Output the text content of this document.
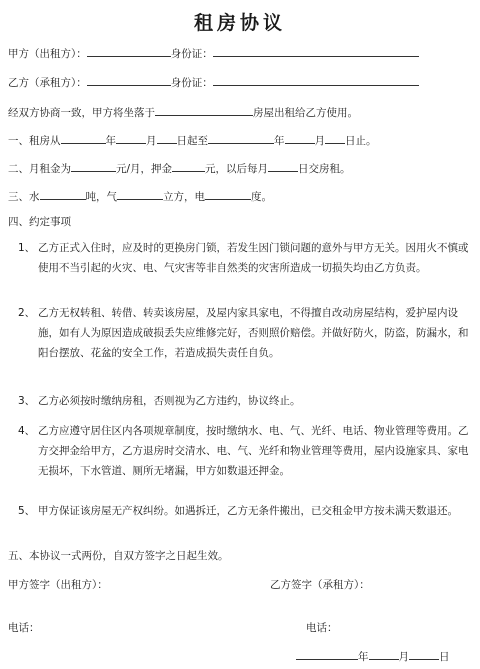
租房协议
甲方（出租方）：	身份证：
乙方（承租方）：	身份证：
经双方协商一致，甲方将坐落于	房屋出租给乙方使用。
一、租房从	年	月 日起至	年	月 日止。
二、月租金为	元/月，押金	元，以后每月	日交房租。
三、水	吨，气	立方，电	度。
四、约定事项
1、 乙方正式入住时，应及时的更换房门锁，若发生因门锁问题的意外与甲方无关。因用火不慎或使用不当引起的火灾、电、气灾害等非自然类的灾害所造成一切损失均由乙方负责。
2、 乙方无权转租、转借、转卖该房屋，及屋内家具家电，不得擅自改动房屋结构，爱护屋内设施，如有人为原因造成破损丢失应维修完好，否则照价赔偿。并做好防火，防盗，防漏水，和阳台摆放、花盆的安全工作，若造成损失责任自负。
3、 乙方必须按时缴纳房租，否则视为乙方违约，协议终止。
4、 乙方应遵守居住区内各项规章制度，按时缴纳水、电、气、光纤、电话、物业管理等费用。乙方交押金给甲方，乙方退房时交清水、电、气、光纤和物业管理等费用，屋内设施家具、家电无损坏，下水管道、厕所无堵漏，甲方如数退还押金。
5、 甲方保证该房屋无产权纠纷。如遇拆迁，乙方无条件搬出，已交租金甲方按未满天数退还。
五、本协议一式两份，自双方签字之日起生效。
甲方签字（出租方）：	乙方签字（承租方）：
电话：	电话：
年	月	日
